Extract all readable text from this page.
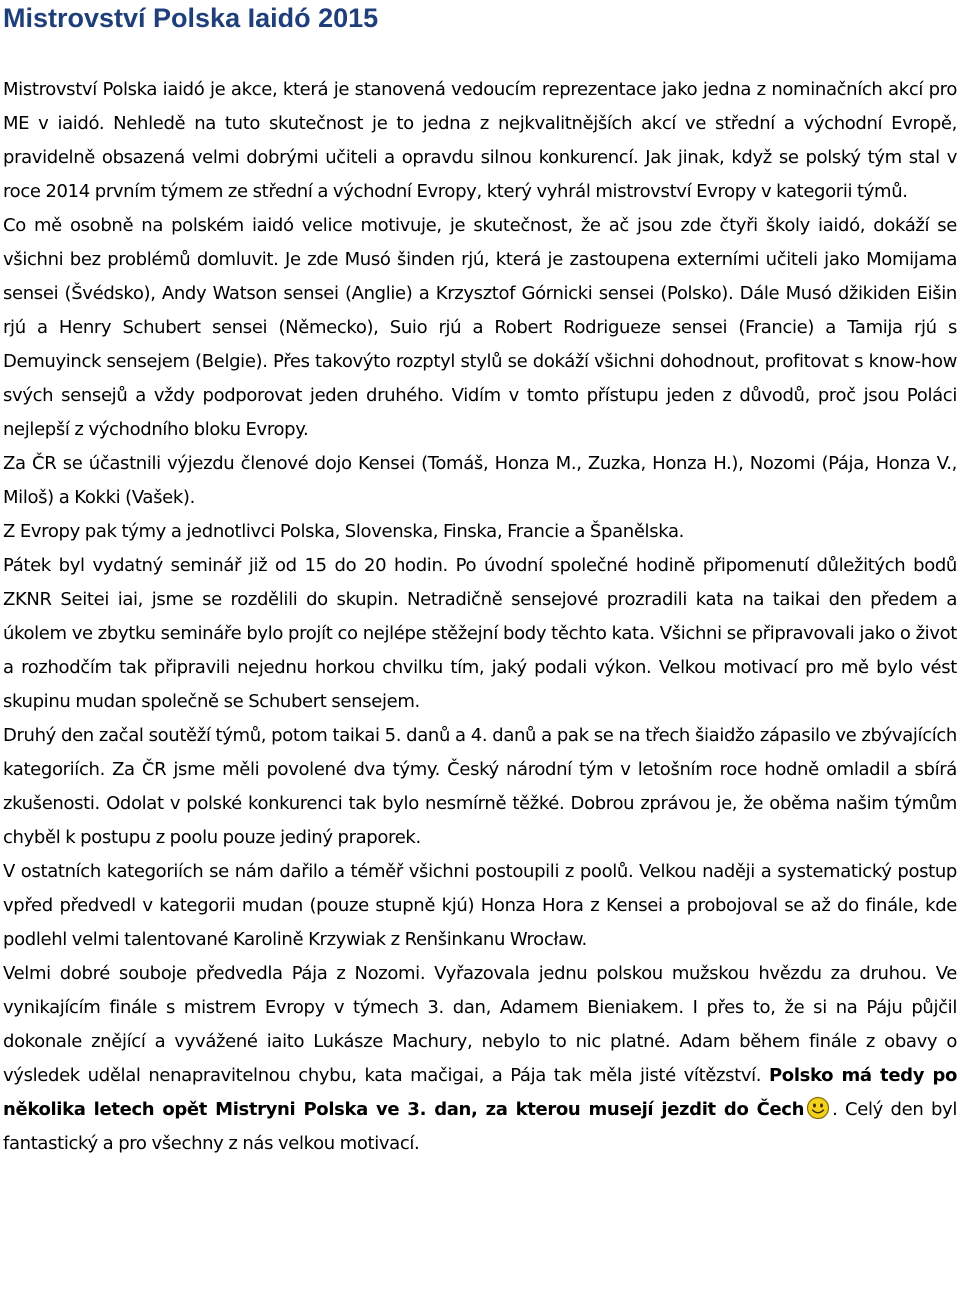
Mistrovství Polska Iaidó 2015

Mistrovství Polska iaidó je akce, která je stanovená vedoucím reprezentace jako jedna z nominačních akcí pro ME v iaidó. Nehledě na tuto skutečnost je to jedna z nejkvalitnějších akcí ve střední a východní Evropě, pravidelně obsazená velmi dobrými učiteli a opravdu silnou konkurencí. Jak jinak, když se polský tým stal v roce 2014 prvním týmem ze střední a východní Evropy, který vyhrál mistrovství Evropy v kategorii týmů.

Co mě osobně na polském iaidó velice motivuje, je skutečnost, že ač jsou zde čtyři školy iaidó, dokáží se všichni bez problémů domluvit. Je zde Musó šinden rjú, která je zastoupena externími učiteli jako Momijama sensei (Švédsko), Andy Watson sensei (Anglie) a Krzysztof Górnicki sensei (Polsko). Dále Musó džikiden Eišin rjú a Henry Schubert sensei (Německo), Suio rjú a Robert Rodrigueze sensei (Francie) a Tamija rjú s Demuyinck sensejem (Belgie). Přes takovýto rozptyl stylů se dokáží všichni dohodnout, profitovat s know-how svých sensejů a vždy podporovat jeden druhého. Vidím v tomto přístupu jeden z důvodů, proč jsou Poláci nejlepší z východního bloku Evropy.

Za ČR se účastnili výjezdu členové dojo Kensei (Tomáš, Honza M., Zuzka, Honza H.), Nozomi (Pája, Honza V., Miloš) a Kokki (Vašek).

Z Evropy pak týmy a jednotlivci Polska, Slovenska, Finska, Francie a Španělska.

Pátek byl vydatný seminář již od 15 do 20 hodin. Po úvodní společné hodině připomenutí důležitých bodů ZKNR Seitei iai, jsme se rozdělili do skupin. Netradičně sensejové prozradili kata na taikai den předem a úkolem ve zbytku semináře bylo projít co nejlépe stěžejní body těchto kata. Všichni se připravovali jako o život a rozhodčím tak připravili nejednu horkou chvilku tím, jaký podali výkon. Velkou motivací pro mě bylo vést skupinu mudan společně se Schubert sensejem.

Druhý den začal soutěží týmů, potom taikai 5. danů a 4. danů a pak se na třech šiaidžo zápasilo ve zbývajících kategoriích. Za ČR jsme měli povolené dva týmy. Český národní tým v letošním roce hodně omladil a sbírá zkušenosti. Odolat v polské konkurenci tak bylo nesmírně těžké. Dobrou zprávou je, že oběma našim týmům chyběl k postupu z poolu pouze jediný praporek.

V ostatních kategoriích se nám dařilo a téměř všichni postoupili z poolů. Velkou naději a systematický postup vpřed předvedl v kategorii mudan (pouze stupně kjú) Honza Hora z Kensei a probojoval se až do finále, kde podlehl velmi talentované Karolině Krzywiak z Renšinkanu Wrocław.

Velmi dobré souboje předvedla Pája z Nozomi. Vyřazovala jednu polskou mužskou hvězdu za druhou. Ve vynikajícím finále s mistrem Evropy v týmech 3. dan, Adamem Bieniakem. I přes to, že si na Páju půjčil dokonale znějící a vyvážené iaito Lukásze Machury, nebylo to nic platné. Adam během finále z obavy o výsledek udělal nenapravitelnou chybu, kata mačigai, a Pája tak měla jisté vítězství. Polsko má tedy po několika letech opět Mistryni Polska ve 3. dan, za kterou musejí jezdit do Čech . Celý den byl fantastický a pro všechny z nás velkou motivací.
